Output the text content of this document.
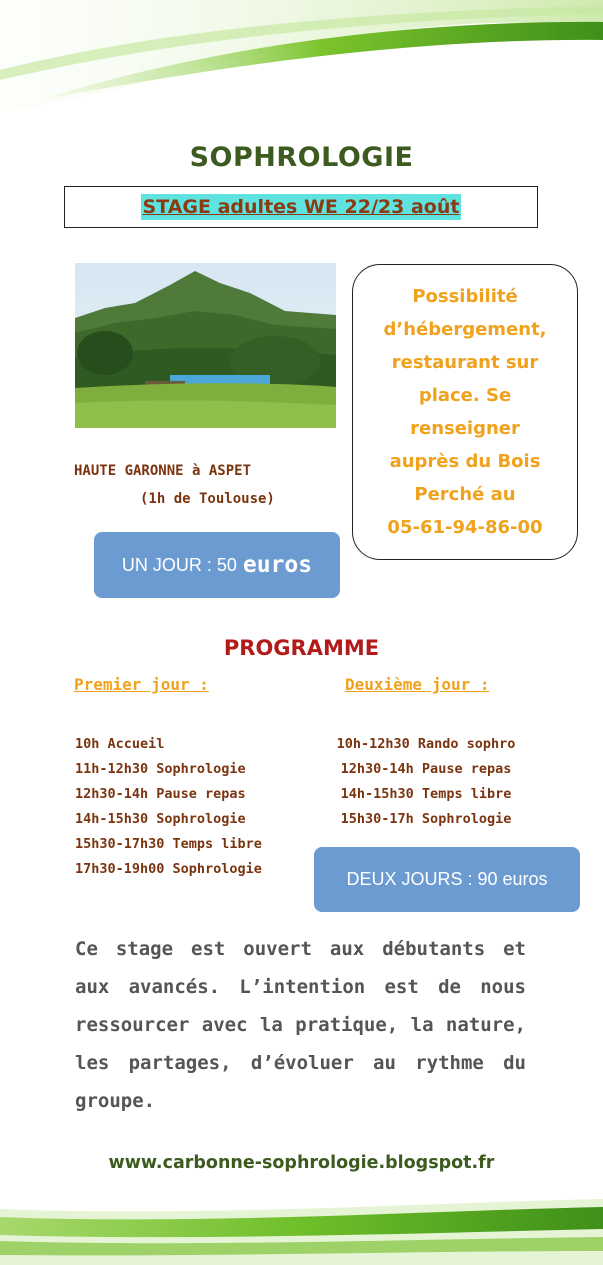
SOPHROLOGIE
STAGE adultes WE 22/23 août
HAUTE GARONNE à ASPET
(1h de Toulouse)
Possibilité
d’hébergement,
restaurant sur
place. Se
renseigner
auprès du Bois
Perché au
05-61-94-86-00
UN JOUR : 50 euros
PROGRAMME
Premier jour :	Deuxième jour :
10h Accueil
11h-12h30 Sophrologie
12h30-14h Pause repas
14h-15h30 Sophrologie
15h30-17h30 Temps libre
17h30-19h00 Sophrologie
10h-12h30 Rando sophro
12h30-14h Pause repas
14h-15h30 Temps libre
15h30-17h Sophrologie
DEUX JOURS : 90 euros
Ce stage est ouvert aux débutants et aux avancés. L’intention est de nous ressourcer avec la pratique, la nature, les partages, d’évoluer au rythme du groupe.
www.carbonne-sophrologie.blogspot.fr
